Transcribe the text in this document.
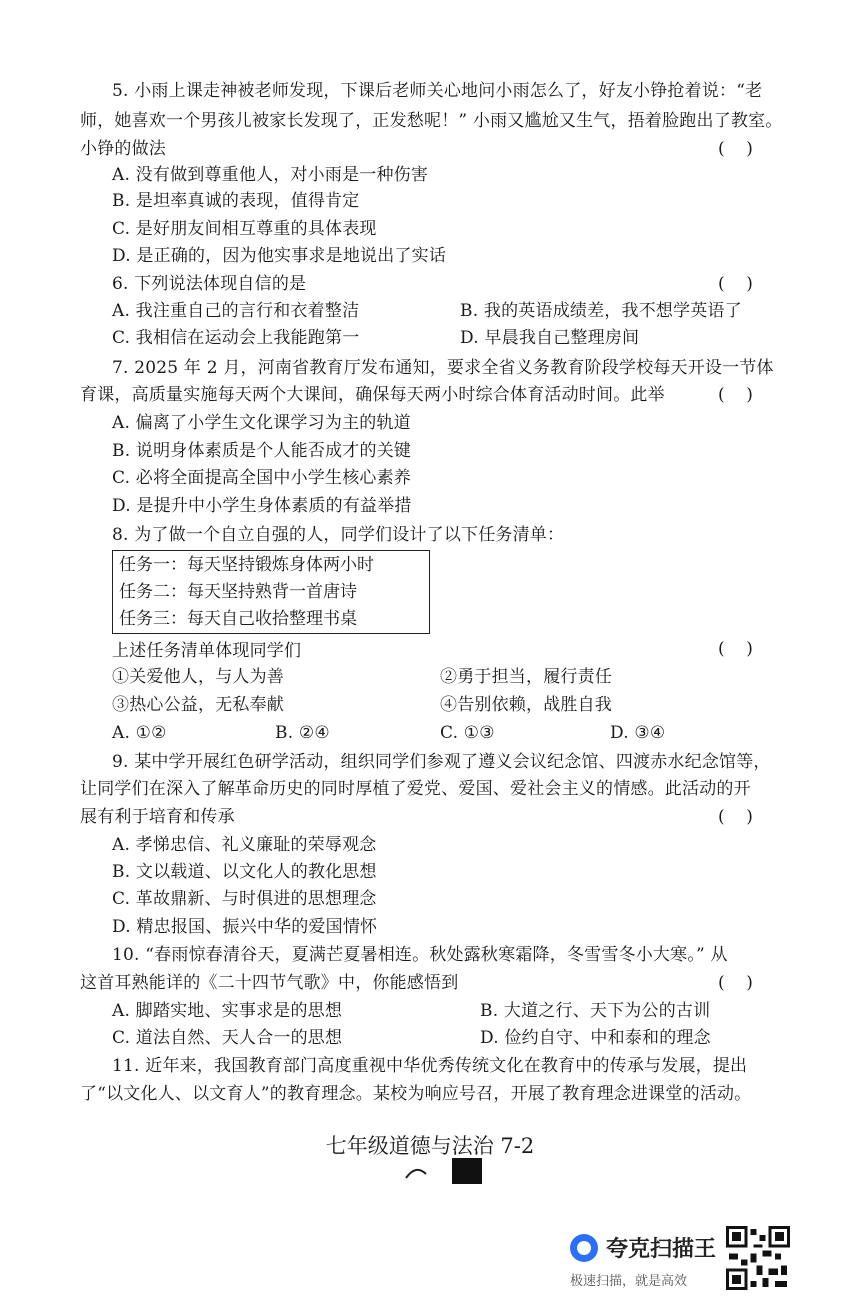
5. 小雨上课走神被老师发现，下课后老师关心地问小雨怎么了，好友小铮抢着说：“老
师，她喜欢一个男孩儿被家长发现了，正发愁呢！” 小雨又尴尬又生气，捂着脸跑出了教室。
小铮的做法	(    )
A. 没有做到尊重他人，对小雨是一种伤害
B. 是坦率真诚的表现，值得肯定
C. 是好朋友间相互尊重的具体表现
D. 是正确的，因为他实事求是地说出了实话
6. 下列说法体现自信的是	(    )
A. 我注重自己的言行和衣着整洁	B. 我的英语成绩差，我不想学英语了
C. 我相信在运动会上我能跑第一	D. 早晨我自己整理房间
7. 2025 年 2 月，河南省教育厅发布通知，要求全省义务教育阶段学校每天开设一节体
育课，高质量实施每天两个大课间，确保每天两小时综合体育活动时间。此举	(    )
A. 偏离了小学生文化课学习为主的轨道
B. 说明身体素质是个人能否成才的关键
C. 必将全面提高全国中小学生核心素养
D. 是提升中小学生身体素质的有益举措
8. 为了做一个自立自强的人，同学们设计了以下任务清单：
任务一：每天坚持锻炼身体两小时
任务二：每天坚持熟背一首唐诗
任务三：每天自己收拾整理书桌
上述任务清单体现同学们	(    )
①关爱他人，与人为善	②勇于担当，履行责任
③热心公益，无私奉献	④告别依赖，战胜自我
A. ①②	B. ②④	C. ①③	D. ③④
9. 某中学开展红色研学活动，组织同学们参观了遵义会议纪念馆、四渡赤水纪念馆等，
让同学们在深入了解革命历史的同时厚植了爱党、爱国、爱社会主义的情感。此活动的开
展有利于培育和传承	(    )
A. 孝悌忠信、礼义廉耻的荣辱观念
B. 文以载道、以文化人的教化思想
C. 革故鼎新、与时俱进的思想理念
D. 精忠报国、振兴中华的爱国情怀
10. “春雨惊春清谷天，夏满芒夏暑相连。秋处露秋寒霜降，冬雪雪冬小大寒。” 从
这首耳熟能详的《二十四节气歌》中，你能感悟到	(    )
A. 脚踏实地、实事求是的思想	B. 大道之行、天下为公的古训
C. 道法自然、天人合一的思想	D. 俭约自守、中和泰和的理念
11. 近年来，我国教育部门高度重视中华优秀传统文化在教育中的传承与发展，提出
了“以文化人、以文育人”的教育理念。某校为响应号召，开展了教育理念进课堂的活动。
七年级道德与法治 7-2
夸克扫描王
极速扫描，就是高效
